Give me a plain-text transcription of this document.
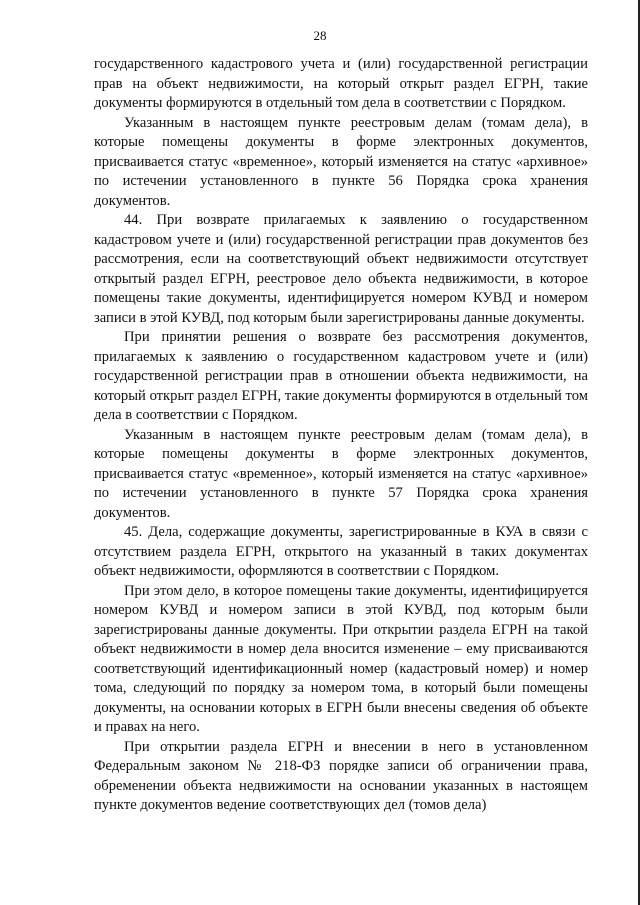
28

государственного кадастрового учета и (или) государственной регистрации прав на объект недвижимости, на который открыт раздел ЕГРН, такие документы формируются в отдельный том дела в соответствии с Порядком.

Указанным в настоящем пункте реестровым делам (томам дела), в которые помещены документы в форме электронных документов, присваивается статус «временное», который изменяется на статус «архивное» по истечении установленного в пункте 56 Порядка срока хранения документов.

44. При возврате прилагаемых к заявлению о государственном кадастровом учете и (или) государственной регистрации прав документов без рассмотрения, если на соответствующий объект недвижимости отсутствует открытый раздел ЕГРН, реестровое дело объекта недвижимости, в которое помещены такие документы, идентифицируется номером КУВД и номером записи в этой КУВД, под которым были зарегистрированы данные документы.

При принятии решения о возврате без рассмотрения документов, прилагаемых к заявлению о государственном кадастровом учете и (или) государственной регистрации прав в отношении объекта недвижимости, на который открыт раздел ЕГРН, такие документы формируются в отдельный том дела в соответствии с Порядком.

Указанным в настоящем пункте реестровым делам (томам дела), в которые помещены документы в форме электронных документов, присваивается статус «временное», который изменяется на статус «архивное» по истечении установленного в пункте 57 Порядка срока хранения документов.

45. Дела, содержащие документы, зарегистрированные в КУА в связи с отсутствием раздела ЕГРН, открытого на указанный в таких документах объект недвижимости, оформляются в соответствии с Порядком.

При этом дело, в которое помещены такие документы, идентифицируется номером КУВД и номером записи в этой КУВД, под которым были зарегистрированы данные документы. При открытии раздела ЕГРН на такой объект недвижимости в номер дела вносится изменение – ему присваиваются соответствующий идентификационный номер (кадастровый номер) и номер тома, следующий по порядку за номером тома, в который были помещены документы, на основании которых в ЕГРН были внесены сведения об объекте и правах на него.

При открытии раздела ЕГРН и внесении в него в установленном Федеральным законом № 218-ФЗ порядке записи об ограничении права, обременении объекта недвижимости на основании указанных в настоящем пункте документов ведение соответствующих дел (томов дела)
